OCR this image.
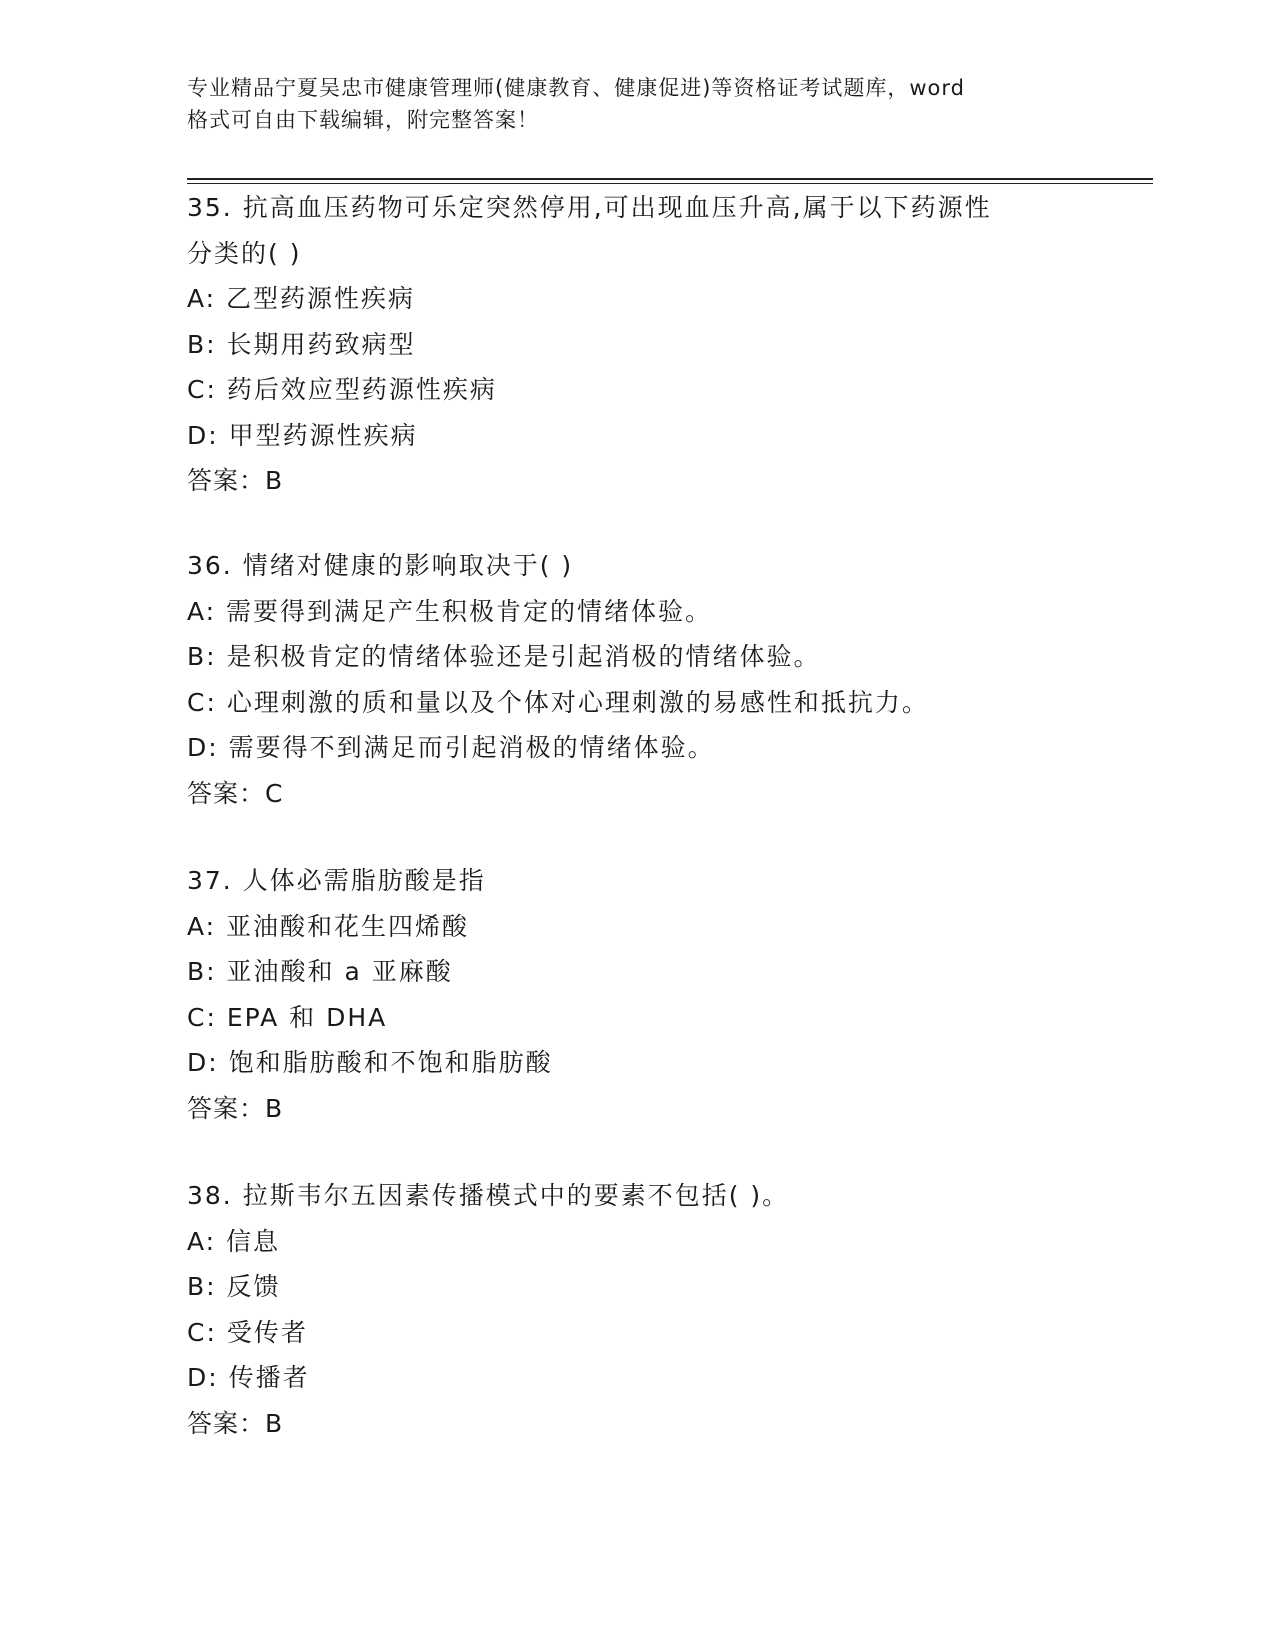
专业精品宁夏吴忠市健康管理师(健康教育、健康促进)等资格证考试题库，word
格式可自由下载编辑，附完整答案！
35. 抗高血压药物可乐定突然停用,可出现血压升高,属于以下药源性
分类的( )
A: 乙型药源性疾病
B: 长期用药致病型
C: 药后效应型药源性疾病
D: 甲型药源性疾病
答案：B
36. 情绪对健康的影响取决于( )
A: 需要得到满足产生积极肯定的情绪体验。
B: 是积极肯定的情绪体验还是引起消极的情绪体验。
C: 心理刺激的质和量以及个体对心理刺激的易感性和抵抗力。
D: 需要得不到满足而引起消极的情绪体验。
答案：C
37. 人体必需脂肪酸是指
A: 亚油酸和花生四烯酸
B: 亚油酸和 a 亚麻酸
C: EPA 和 DHA
D: 饱和脂肪酸和不饱和脂肪酸
答案：B
38. 拉斯韦尔五因素传播模式中的要素不包括( )。
A: 信息
B: 反馈
C: 受传者
D: 传播者
答案：B
